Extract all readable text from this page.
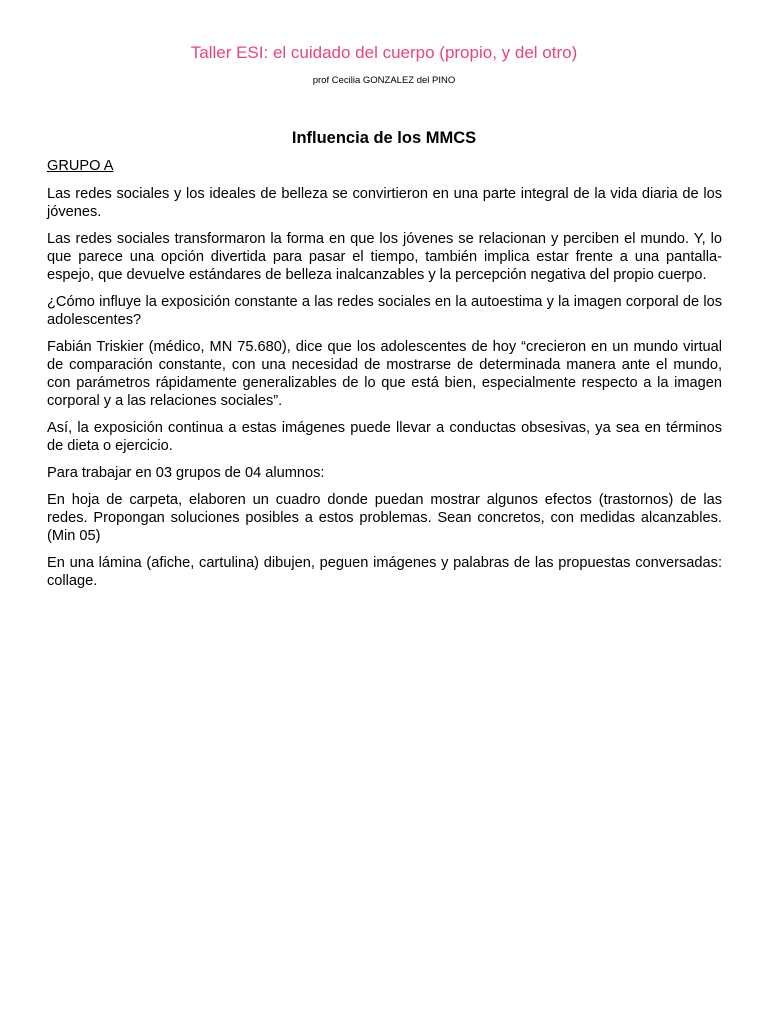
Taller ESI: el cuidado del cuerpo (propio, y del otro)
prof Cecilia GONZALEZ del PINO
Influencia de los MMCS

GRUPO A

Las redes sociales y los ideales de belleza se convirtieron en una parte integral de la vida diaria de los jóvenes.

Las redes sociales transformaron la forma en que los jóvenes se relacionan y perciben el mundo. Y, lo que parece una opción divertida para pasar el tiempo, también implica estar frente a una pantalla-espejo, que devuelve estándares de belleza inalcanzables y la percepción negativa del propio cuerpo.

¿Cómo influye la exposición constante a las redes sociales en la autoestima y la imagen corporal de los adolescentes?

Fabián Triskier (médico, MN 75.680), dice que los adolescentes de hoy “crecieron en un mundo virtual de comparación constante, con una necesidad de mostrarse de determinada manera ante el mundo, con parámetros rápidamente generalizables de lo que está bien, especialmente respecto a la imagen corporal y a las relaciones sociales”.

Así, la exposición continua a estas imágenes puede llevar a conductas obsesivas, ya sea en términos de dieta o ejercicio.

Para trabajar en 03 grupos de 04 alumnos:

En hoja de carpeta, elaboren un cuadro donde puedan mostrar algunos efectos (trastornos) de las redes. Propongan soluciones posibles a estos problemas. Sean concretos, con medidas alcanzables. (Min 05)

En una lámina (afiche, cartulina) dibujen, peguen imágenes y palabras de las propuestas conversadas: collage.
